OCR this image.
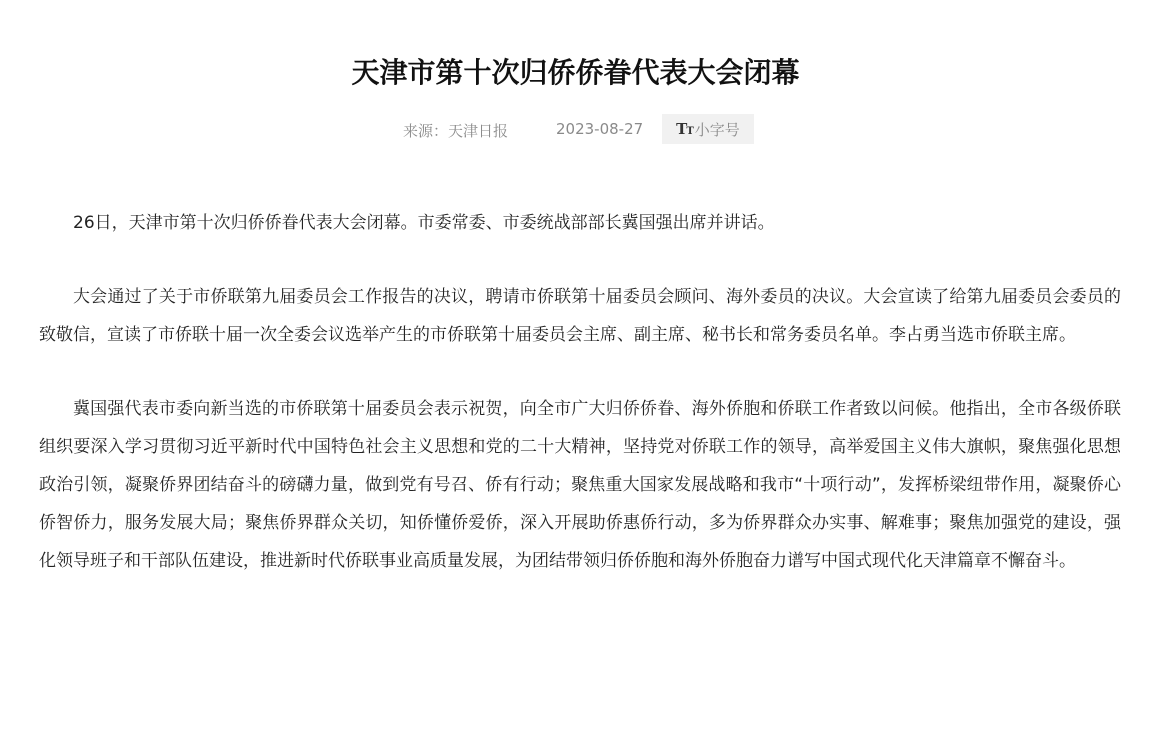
天津市第十次归侨侨眷代表大会闭幕
来源：天津日报	2023-08-27 TT 小字号

26日，天津市第十次归侨侨眷代表大会闭幕。市委常委、市委统战部部长冀国强出席并讲话。

大会通过了关于市侨联第九届委员会工作报告的决议，聘请市侨联第十届委员会顾问、海外委员的决议。大会宣读了给第九届委员会委员的致敬信，宣读了市侨联十届一次全委会议选举产生的市侨联第十届委员会主席、副主席、秘书长和常务委员名单。李占勇当选市侨联主席。

冀国强代表市委向新当选的市侨联第十届委员会表示祝贺，向全市广大归侨侨眷、海外侨胞和侨联工作者致以问候。他指出，全市各级侨联组织要深入学习贯彻习近平新时代中国特色社会主义思想和党的二十大精神，坚持党对侨联工作的领导，高举爱国主义伟大旗帜，聚焦强化思想政治引领，凝聚侨界团结奋斗的磅礴力量，做到党有号召、侨有行动；聚焦重大国家发展战略和我市“十项行动”，发挥桥梁纽带作用，凝聚侨心侨智侨力，服务发展大局；聚焦侨界群众关切，知侨懂侨爱侨，深入开展助侨惠侨行动，多为侨界群众办实事、解难事；聚焦加强党的建设，强化领导班子和干部队伍建设，推进新时代侨联事业高质量发展，为团结带领归侨侨胞和海外侨胞奋力谱写中国式现代化天津篇章不懈奋斗。
